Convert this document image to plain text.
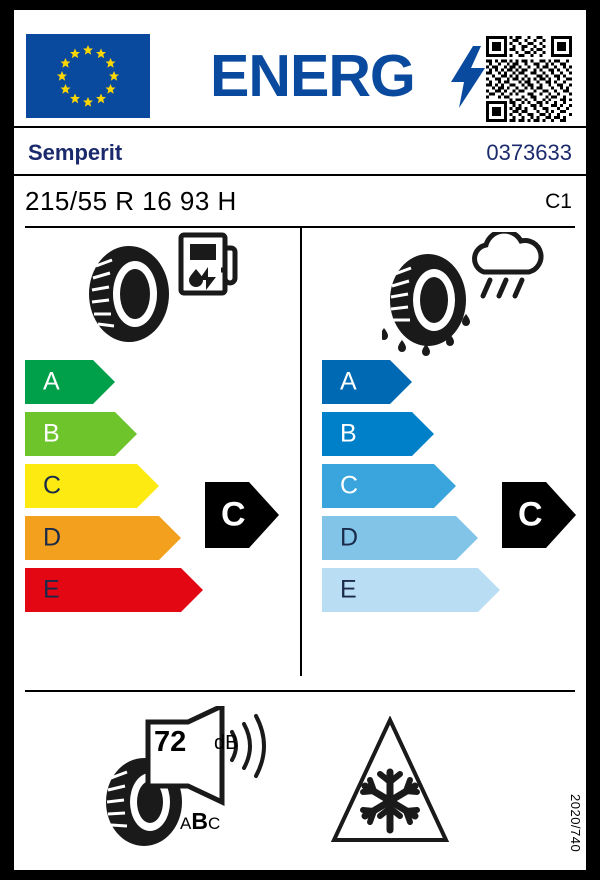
ENERG
Semperit	0373633
215/55 R 16 93 H	C1
A
B
C
D
E
C
A
B
C
D
E
C
72 dB
ABC	2020/740
